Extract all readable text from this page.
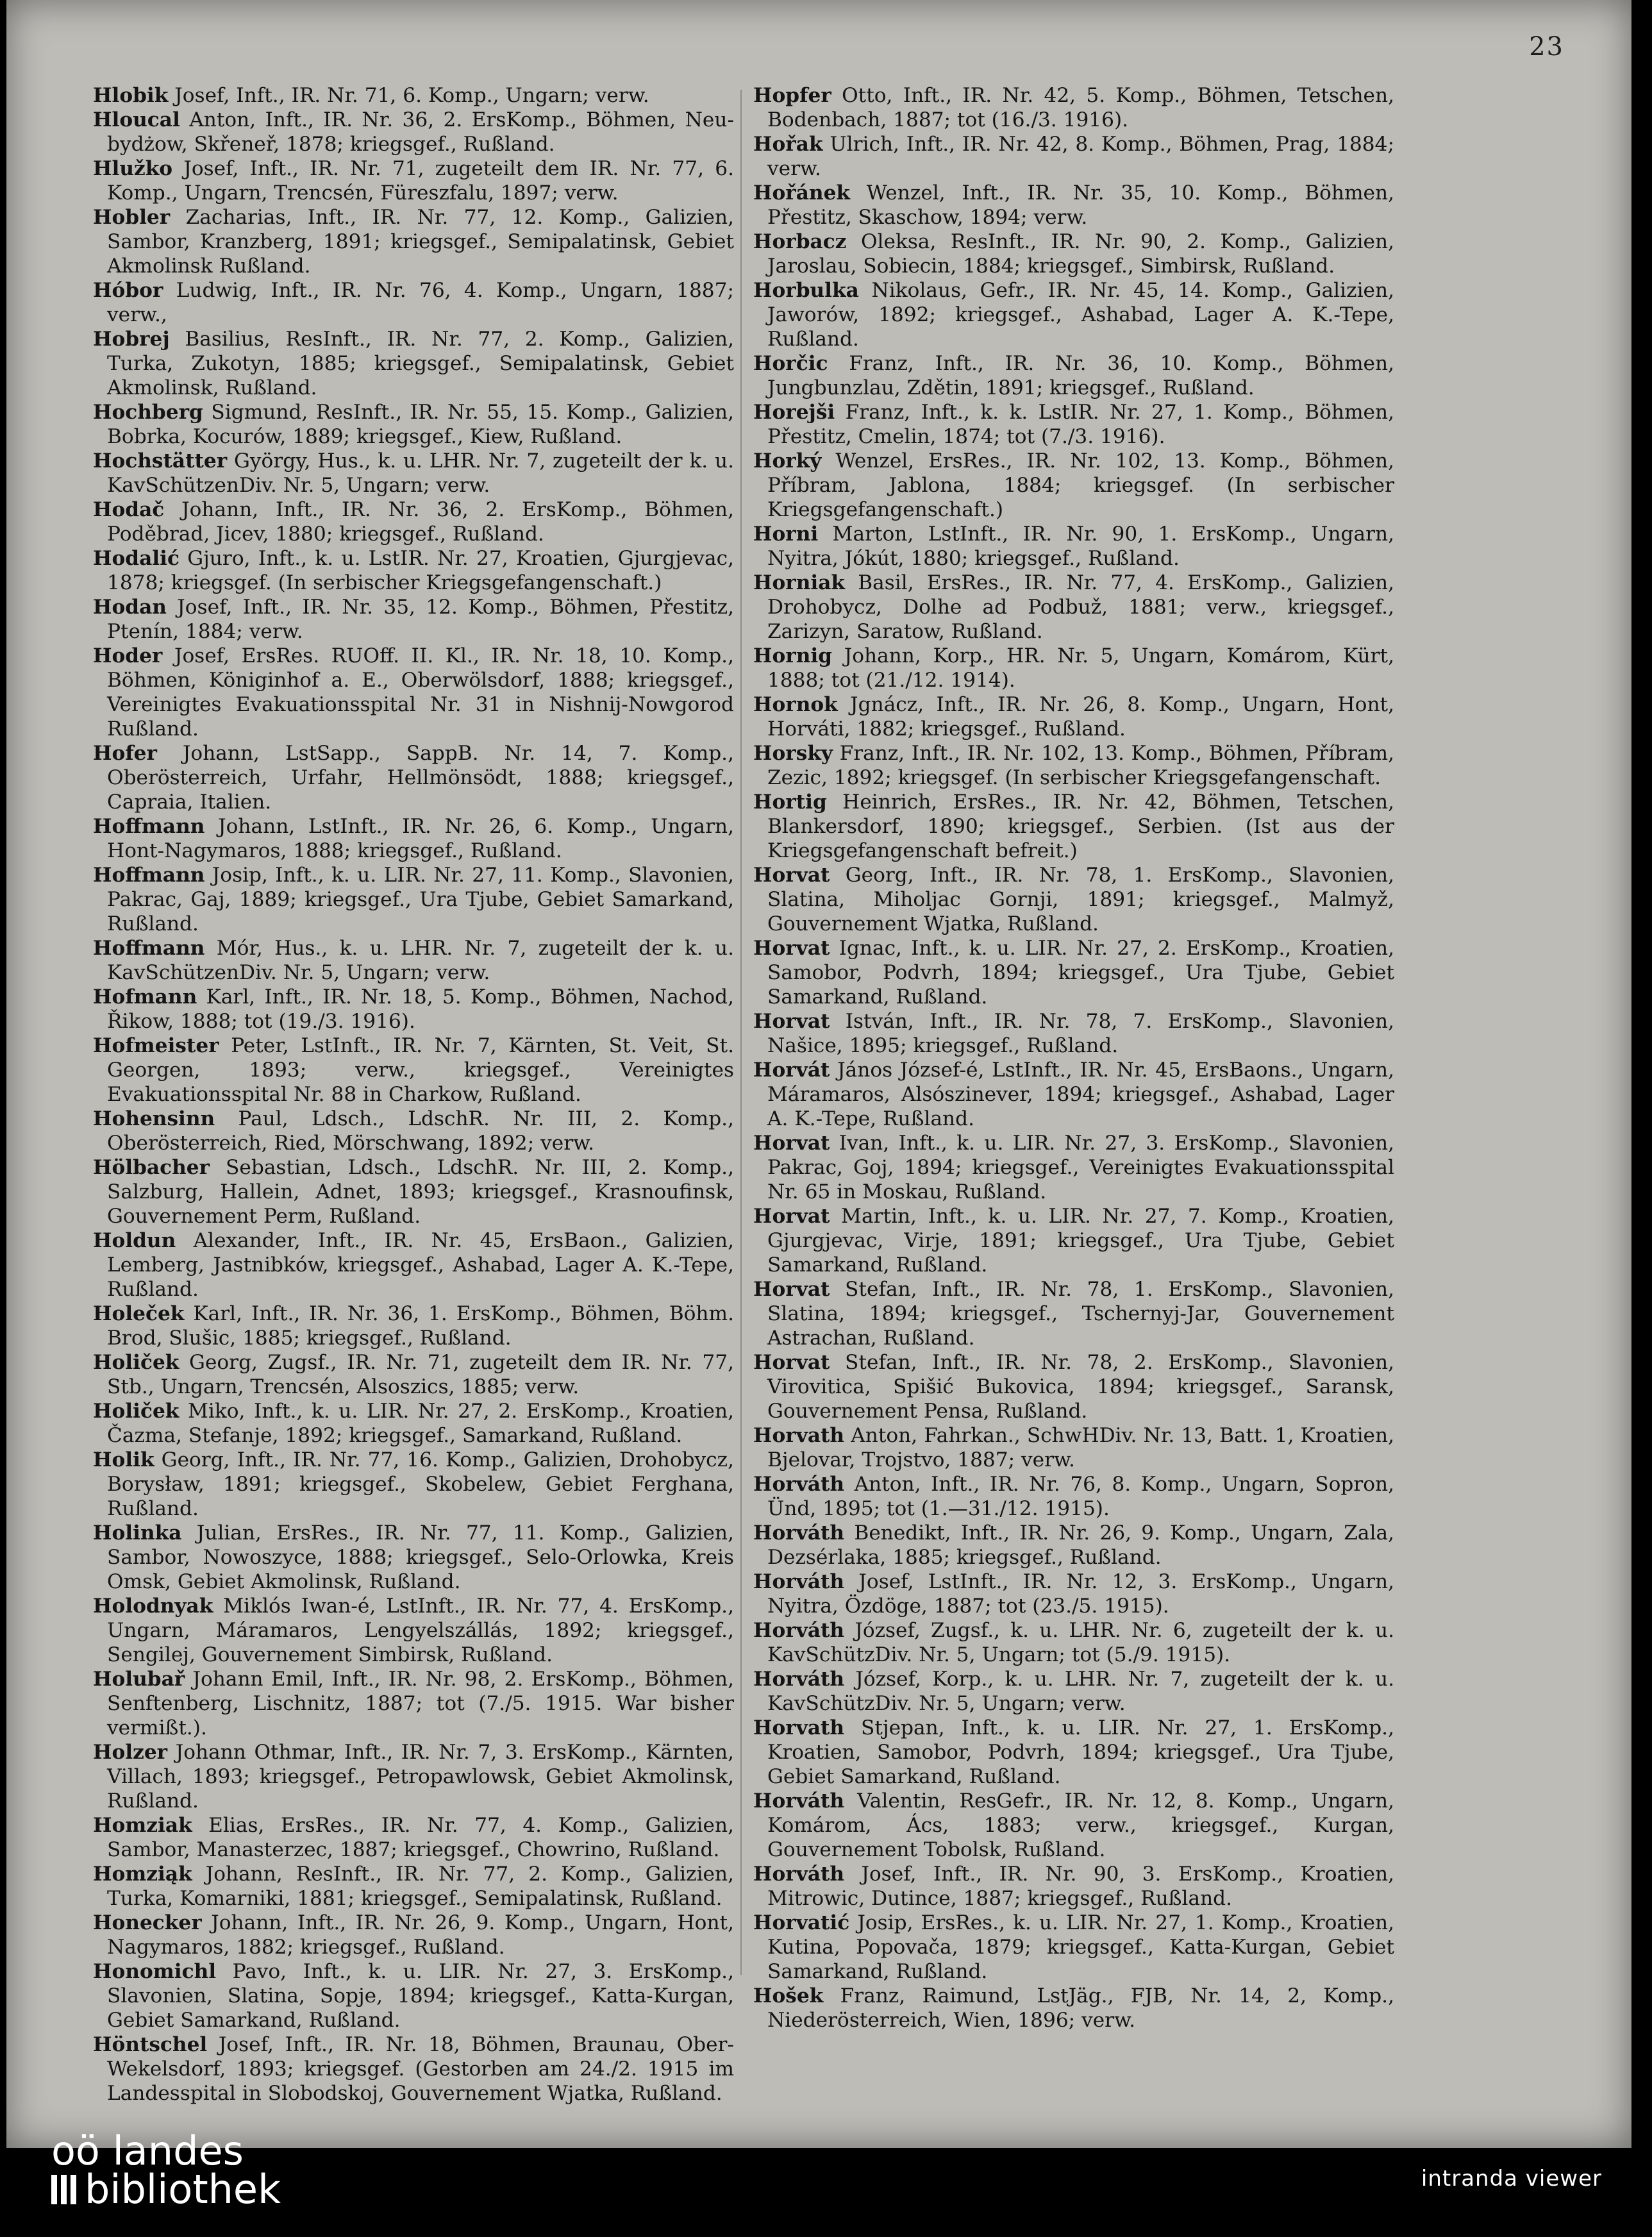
23

Hlobik Josef, Inft., IR. Nr. 71, 6. Komp., Ungarn; verw.

Hloucal Anton, Inft., IR. Nr. 36, 2. ErsKomp., Böhmen, Neu-bydżow, Skřeneř, 1878; kriegsgef., Rußland.

Hlužko Josef, Inft., IR. Nr. 71, zugeteilt dem IR. Nr. 77, 6. Komp., Ungarn, Trencsén, Füreszfalu, 1897; verw.

Hobler Zacharias, Inft., IR. Nr. 77, 12. Komp., Galizien, Sambor, Kranzberg, 1891; kriegsgef., Semipalatinsk, Gebiet Akmolinsk Rußland.

Hóbor Ludwig, Inft., IR. Nr. 76, 4. Komp., Ungarn, 1887; verw.,

Hobrej Basilius, ResInft., IR. Nr. 77, 2. Komp., Galizien, Turka, Zukotyn, 1885; kriegsgef., Semipalatinsk, Gebiet Akmolinsk, Rußland.

Hochberg Sigmund, ResInft., IR. Nr. 55, 15. Komp., Galizien, Bobrka, Kocurów, 1889; kriegsgef., Kiew, Rußland.

Hochstätter György, Hus., k. u. LHR. Nr. 7, zugeteilt der k. u. KavSchützenDiv. Nr. 5, Ungarn; verw.

Hodač Johann, Inft., IR. Nr. 36, 2. ErsKomp., Böhmen, Poděbrad, Jicev, 1880; kriegsgef., Rußland.

Hodalić Gjuro, Inft., k. u. LstIR. Nr. 27, Kroatien, Gjurgjevac, 1878; kriegsgef. (In serbischer Kriegsgefangenschaft.)

Hodan Josef, Inft., IR. Nr. 35, 12. Komp., Böhmen, Přestitz, Ptenín, 1884; verw.

Hoder Josef, ErsRes. RUOff. II. Kl., IR. Nr. 18, 10. Komp., Böhmen, Königinhof a. E., Oberwölsdorf, 1888; kriegsgef., Vereinigtes Evakuationsspital Nr. 31 in Nishnij-Nowgorod Rußland.

Hofer Johann, LstSapp., SappB. Nr. 14, 7. Komp., Oberösterreich, Urfahr, Hellmönsödt, 1888; kriegsgef., Capraia, Italien.

Hoffmann Johann, LstInft., IR. Nr. 26, 6. Komp., Ungarn, Hont-Nagymaros, 1888; kriegsgef., Rußland.

Hoffmann Josip, Inft., k. u. LIR. Nr. 27, 11. Komp., Slavonien, Pakrac, Gaj, 1889; kriegsgef., Ura Tjube, Gebiet Samarkand, Rußland.

Hoffmann Mór, Hus., k. u. LHR. Nr. 7, zugeteilt der k. u. KavSchützenDiv. Nr. 5, Ungarn; verw.

Hofmann Karl, Inft., IR. Nr. 18, 5. Komp., Böhmen, Nachod, Řikow, 1888; tot (19./3. 1916).

Hofmeister Peter, LstInft., IR. Nr. 7, Kärnten, St. Veit, St. Georgen, 1893; verw., kriegsgef., Vereinigtes Evakuationsspital Nr. 88 in Charkow, Rußland.

Hohensinn Paul, Ldsch., LdschR. Nr. III, 2. Komp., Oberösterreich, Ried, Mörschwang, 1892; verw.

Hölbacher Sebastian, Ldsch., LdschR. Nr. III, 2. Komp., Salzburg, Hallein, Adnet, 1893; kriegsgef., Krasnoufinsk, Gouvernement Perm, Rußland.

Holdun Alexander, Inft., IR. Nr. 45, ErsBaon., Galizien, Lemberg, Jastnibków, kriegsgef., Ashabad, Lager A. K.-Tepe, Rußland.

Holeček Karl, Inft., IR. Nr. 36, 1. ErsKomp., Böhmen, Böhm. Brod, Slušic, 1885; kriegsgef., Rußland.

Holiček Georg, Zugsf., IR. Nr. 71, zugeteilt dem IR. Nr. 77, Stb., Ungarn, Trencsén, Alsoszics, 1885; verw.

Holiček Miko, Inft., k. u. LIR. Nr. 27, 2. ErsKomp., Kroatien, Čazma, Stefanje, 1892; kriegsgef., Samarkand, Rußland.

Holik Georg, Inft., IR. Nr. 77, 16. Komp., Galizien, Drohobycz, Borysław, 1891; kriegsgef., Skobelew, Gebiet Ferghana, Rußland.

Holinka Julian, ErsRes., IR. Nr. 77, 11. Komp., Galizien, Sambor, Nowoszyce, 1888; kriegsgef., Selo-Orlowka, Kreis Omsk, Gebiet Akmolinsk, Rußland.

Holodnyak Miklós Iwan-é, LstInft., IR. Nr. 77, 4. ErsKomp., Ungarn, Máramaros, Lengyelszállás, 1892; kriegsgef., Sengilej, Gouvernement Simbirsk, Rußland.

Holubař Johann Emil, Inft., IR. Nr. 98, 2. ErsKomp., Böhmen, Senftenberg, Lischnitz, 1887; tot (7./5. 1915. War bisher vermißt.).

Holzer Johann Othmar, Inft., IR. Nr. 7, 3. ErsKomp., Kärnten, Villach, 1893; kriegsgef., Petropawlowsk, Gebiet Akmolinsk, Rußland.

Homziak Elias, ErsRes., IR. Nr. 77, 4. Komp., Galizien, Sambor, Manasterzec, 1887; kriegsgef., Chowrino, Rußland.

Homziąk Johann, ResInft., IR. Nr. 77, 2. Komp., Galizien, Turka, Komarniki, 1881; kriegsgef., Semipalatinsk, Rußland.

Honecker Johann, Inft., IR. Nr. 26, 9. Komp., Ungarn, Hont, Nagymaros, 1882; kriegsgef., Rußland.

Honomichl Pavo, Inft., k. u. LIR. Nr. 27, 3. ErsKomp., Slavonien, Slatina, Sopje, 1894; kriegsgef., Katta-Kurgan, Gebiet Samarkand, Rußland.

Höntschel Josef, Inft., IR. Nr. 18, Böhmen, Braunau, Ober-Wekelsdorf, 1893; kriegsgef. (Gestorben am 24./2. 1915 im Landesspital in Slobodskoj, Gouvernement Wjatka, Rußland.

Hopfer Otto, Inft., IR. Nr. 42, 5. Komp., Böhmen, Tetschen, Bodenbach, 1887; tot (16./3. 1916).

Hořak Ulrich, Inft., IR. Nr. 42, 8. Komp., Böhmen, Prag, 1884; verw.

Hořánek Wenzel, Inft., IR. Nr. 35, 10. Komp., Böhmen, Přestitz, Skaschow, 1894; verw.

Horbacz Oleksa, ResInft., IR. Nr. 90, 2. Komp., Galizien, Jaroslau, Sobiecin, 1884; kriegsgef., Simbirsk, Rußland.

Horbulka Nikolaus, Gefr., IR. Nr. 45, 14. Komp., Galizien, Jaworów, 1892; kriegsgef., Ashabad, Lager A. K.-Tepe, Rußland.

Horčic Franz, Inft., IR. Nr. 36, 10. Komp., Böhmen, Jungbunzlau, Zdětin, 1891; kriegsgef., Rußland.

Horejši Franz, Inft., k. k. LstIR. Nr. 27, 1. Komp., Böhmen, Přestitz, Cmelin, 1874; tot (7./3. 1916).

Horký Wenzel, ErsRes., IR. Nr. 102, 13. Komp., Böhmen, Příbram, Jablona, 1884; kriegsgef. (In serbischer Kriegsgefangenschaft.)

Horni Marton, LstInft., IR. Nr. 90, 1. ErsKomp., Ungarn, Nyitra, Jókút, 1880; kriegsgef., Rußland.

Horniak Basil, ErsRes., IR. Nr. 77, 4. ErsKomp., Galizien, Drohobycz, Dolhe ad Podbuž, 1881; verw., kriegsgef., Zarizyn, Saratow, Rußland.

Hornig Johann, Korp., HR. Nr. 5, Ungarn, Komárom, Kürt, 1888; tot (21./12. 1914).

Hornok Jgnácz, Inft., IR. Nr. 26, 8. Komp., Ungarn, Hont, Horváti, 1882; kriegsgef., Rußland.

Horsky Franz, Inft., IR. Nr. 102, 13. Komp., Böhmen, Příbram, Zezic, 1892; kriegsgef. (In serbischer Kriegsgefangenschaft.

Hortig Heinrich, ErsRes., IR. Nr. 42, Böhmen, Tetschen, Blankersdorf, 1890; kriegsgef., Serbien. (Ist aus der Kriegsgefangenschaft befreit.)

Horvat Georg, Inft., IR. Nr. 78, 1. ErsKomp., Slavonien, Slatina, Miholjac Gornji, 1891; kriegsgef., Malmyž, Gouvernement Wjatka, Rußland.

Horvat Ignac, Inft., k. u. LIR. Nr. 27, 2. ErsKomp., Kroatien, Samobor, Podvrh, 1894; kriegsgef., Ura Tjube, Gebiet Samarkand, Rußland.

Horvat István, Inft., IR. Nr. 78, 7. ErsKomp., Slavonien, Našice, 1895; kriegsgef., Rußland.

Horvát János József-é, LstInft., IR. Nr. 45, ErsBaons., Ungarn, Máramaros, Alsószinever, 1894; kriegsgef., Ashabad, Lager A. K.-Tepe, Rußland.

Horvat Ivan, Inft., k. u. LIR. Nr. 27, 3. ErsKomp., Slavonien, Pakrac, Goj, 1894; kriegsgef., Vereinigtes Evakuationsspital Nr. 65 in Moskau, Rußland.

Horvat Martin, Inft., k. u. LIR. Nr. 27, 7. Komp., Kroatien, Gjurgjevac, Virje, 1891; kriegsgef., Ura Tjube, Gebiet Samarkand, Rußland.

Horvat Stefan, Inft., IR. Nr. 78, 1. ErsKomp., Slavonien, Slatina, 1894; kriegsgef., Tschernyj-Jar, Gouvernement Astrachan, Rußland.

Horvat Stefan, Inft., IR. Nr. 78, 2. ErsKomp., Slavonien, Virovitica, Spišić Bukovica, 1894; kriegsgef., Saransk, Gouvernement Pensa, Rußland.

Horvath Anton, Fahrkan., SchwHDiv. Nr. 13, Batt. 1, Kroatien, Bjelovar, Trojstvo, 1887; verw.

Horváth Anton, Inft., IR. Nr. 76, 8. Komp., Ungarn, Sopron, Ünd, 1895; tot (1.—31./12. 1915).

Horváth Benedikt, Inft., IR. Nr. 26, 9. Komp., Ungarn, Zala, Dezsérlaka, 1885; kriegsgef., Rußland.

Horváth Josef, LstInft., IR. Nr. 12, 3. ErsKomp., Ungarn, Nyitra, Özdöge, 1887; tot (23./5. 1915).

Horváth József, Zugsf., k. u. LHR. Nr. 6, zugeteilt der k. u. KavSchützDiv. Nr. 5, Ungarn; tot (5./9. 1915).

Horváth József, Korp., k. u. LHR. Nr. 7, zugeteilt der k. u. KavSchützDiv. Nr. 5, Ungarn; verw.

Horvath Stjepan, Inft., k. u. LIR. Nr. 27, 1. ErsKomp., Kroatien, Samobor, Podvrh, 1894; kriegsgef., Ura Tjube, Gebiet Samarkand, Rußland.

Horváth Valentin, ResGefr., IR. Nr. 12, 8. Komp., Ungarn, Komárom, Ács, 1883; verw., kriegsgef., Kurgan, Gouvernement Tobolsk, Rußland.

Horváth Josef, Inft., IR. Nr. 90, 3. ErsKomp., Kroatien, Mitrowic, Dutince, 1887; kriegsgef., Rußland.

Horvatić Josip, ErsRes., k. u. LIR. Nr. 27, 1. Komp., Kroatien, Kutina, Popovača, 1879; kriegsgef., Katta-Kurgan, Gebiet Samarkand, Rußland.

Hošek Franz, Raimund, LstJäg., FJB, Nr. 14, 2, Komp., Niederösterreich, Wien, 1896; verw.

oö landes
bibliothek	intranda viewer
